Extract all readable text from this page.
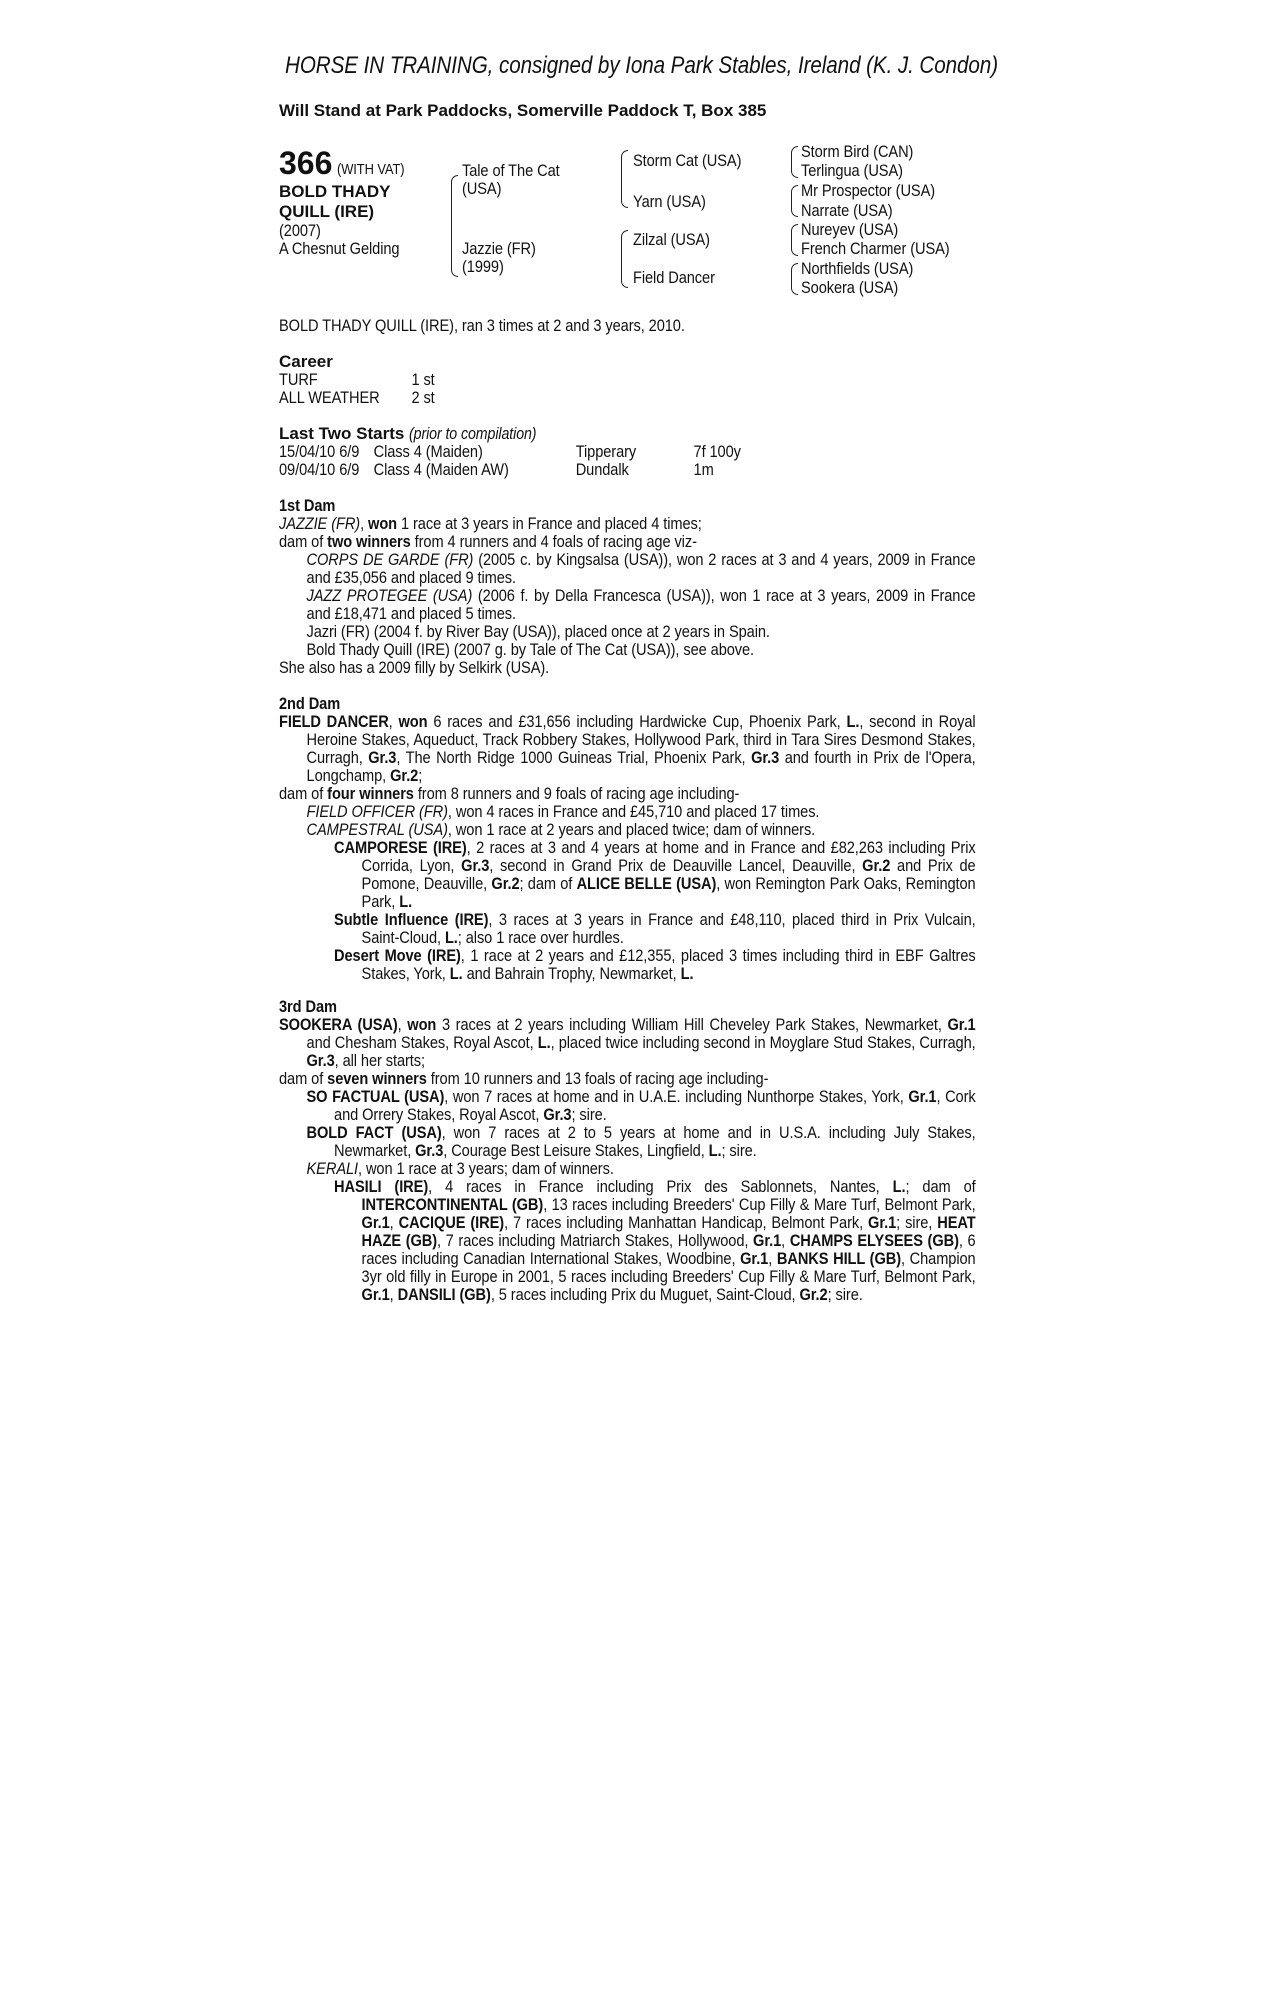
HORSE IN TRAINING, consigned by Iona Park Stables, Ireland (K. J. Condon)
Will Stand at Park Paddocks, Somerville Paddock T, Box 385
366 (WITH VAT)
BOLD THADY
QUILL (IRE)
(2007)
A Chesnut Gelding
Tale of The Cat
(USA)
Jazzie (FR)
(1999)
Storm Cat (USA)
Yarn (USA)
Zilzal (USA)
Field Dancer
Storm Bird (CAN)
Terlingua (USA)
Mr Prospector (USA)
Narrate (USA)
Nureyev (USA)
French Charmer (USA)
Northfields (USA)
Sookera (USA)
BOLD THADY QUILL (IRE), ran 3 times at 2 and 3 years, 2010.
Career
TURF	1 st
ALL WEATHER 2 st
Last Two Starts (prior to compilation)
15/04/10 6/9 Class 4 (Maiden)	Tipperary	7f 100y
09/04/10 6/9 Class 4 (Maiden AW)	Dundalk	1m
1st Dam
JAZZIE (FR), won 1 race at 3 years in France and placed 4 times;
dam of two winners from 4 runners and 4 foals of racing age viz-
CORPS DE GARDE (FR) (2005 c. by Kingsalsa (USA)), won 2 races at 3 and 4 years, 2009 in France and £35,056 and placed 9 times.
JAZZ PROTEGEE (USA) (2006 f. by Della Francesca (USA)), won 1 race at 3 years, 2009 in France and £18,471 and placed 5 times.
Jazri (FR) (2004 f. by River Bay (USA)), placed once at 2 years in Spain.
Bold Thady Quill (IRE) (2007 g. by Tale of The Cat (USA)), see above.
She also has a 2009 filly by Selkirk (USA).
2nd Dam
FIELD DANCER, won 6 races and £31,656 including Hardwicke Cup, Phoenix Park, L., second in Royal Heroine Stakes, Aqueduct, Track Robbery Stakes, Hollywood Park, third in Tara Sires Desmond Stakes, Curragh, Gr.3, The North Ridge 1000 Guineas Trial, Phoenix Park, Gr.3 and fourth in Prix de l'Opera, Longchamp, Gr.2;
dam of four winners from 8 runners and 9 foals of racing age including-
FIELD OFFICER (FR), won 4 races in France and £45,710 and placed 17 times.
CAMPESTRAL (USA), won 1 race at 2 years and placed twice; dam of winners.
CAMPORESE (IRE), 2 races at 3 and 4 years at home and in France and £82,263 including Prix Corrida, Lyon, Gr.3, second in Grand Prix de Deauville Lancel, Deauville, Gr.2 and Prix de Pomone, Deauville, Gr.2; dam of ALICE BELLE (USA), won Remington Park Oaks, Remington Park, L.
Subtle Influence (IRE), 3 races at 3 years in France and £48,110, placed third in Prix Vulcain, Saint-Cloud, L.; also 1 race over hurdles.
Desert Move (IRE), 1 race at 2 years and £12,355, placed 3 times including third in EBF Galtres Stakes, York, L. and Bahrain Trophy, Newmarket, L.
3rd Dam
SOOKERA (USA), won 3 races at 2 years including William Hill Cheveley Park Stakes, Newmarket, Gr.1 and Chesham Stakes, Royal Ascot, L., placed twice including second in Moyglare Stud Stakes, Curragh, Gr.3, all her starts;
dam of seven winners from 10 runners and 13 foals of racing age including-
SO FACTUAL (USA), won 7 races at home and in U.A.E. including Nunthorpe Stakes, York, Gr.1, Cork and Orrery Stakes, Royal Ascot, Gr.3; sire.
BOLD FACT (USA), won 7 races at 2 to 5 years at home and in U.S.A. including July Stakes, Newmarket, Gr.3, Courage Best Leisure Stakes, Lingfield, L.; sire.
KERALI, won 1 race at 3 years; dam of winners.
HASILI (IRE), 4 races in France including Prix des Sablonnets, Nantes, L.; dam of INTERCONTINENTAL (GB), 13 races including Breeders' Cup Filly & Mare Turf, Belmont Park, Gr.1, CACIQUE (IRE), 7 races including Manhattan Handicap, Belmont Park, Gr.1; sire, HEAT HAZE (GB), 7 races including Matriarch Stakes, Hollywood, Gr.1, CHAMPS ELYSEES (GB), 6 races including Canadian International Stakes, Woodbine, Gr.1, BANKS HILL (GB), Champion 3yr old filly in Europe in 2001, 5 races including Breeders' Cup Filly & Mare Turf, Belmont Park, Gr.1, DANSILI (GB), 5 races including Prix du Muguet, Saint-Cloud, Gr.2; sire.
